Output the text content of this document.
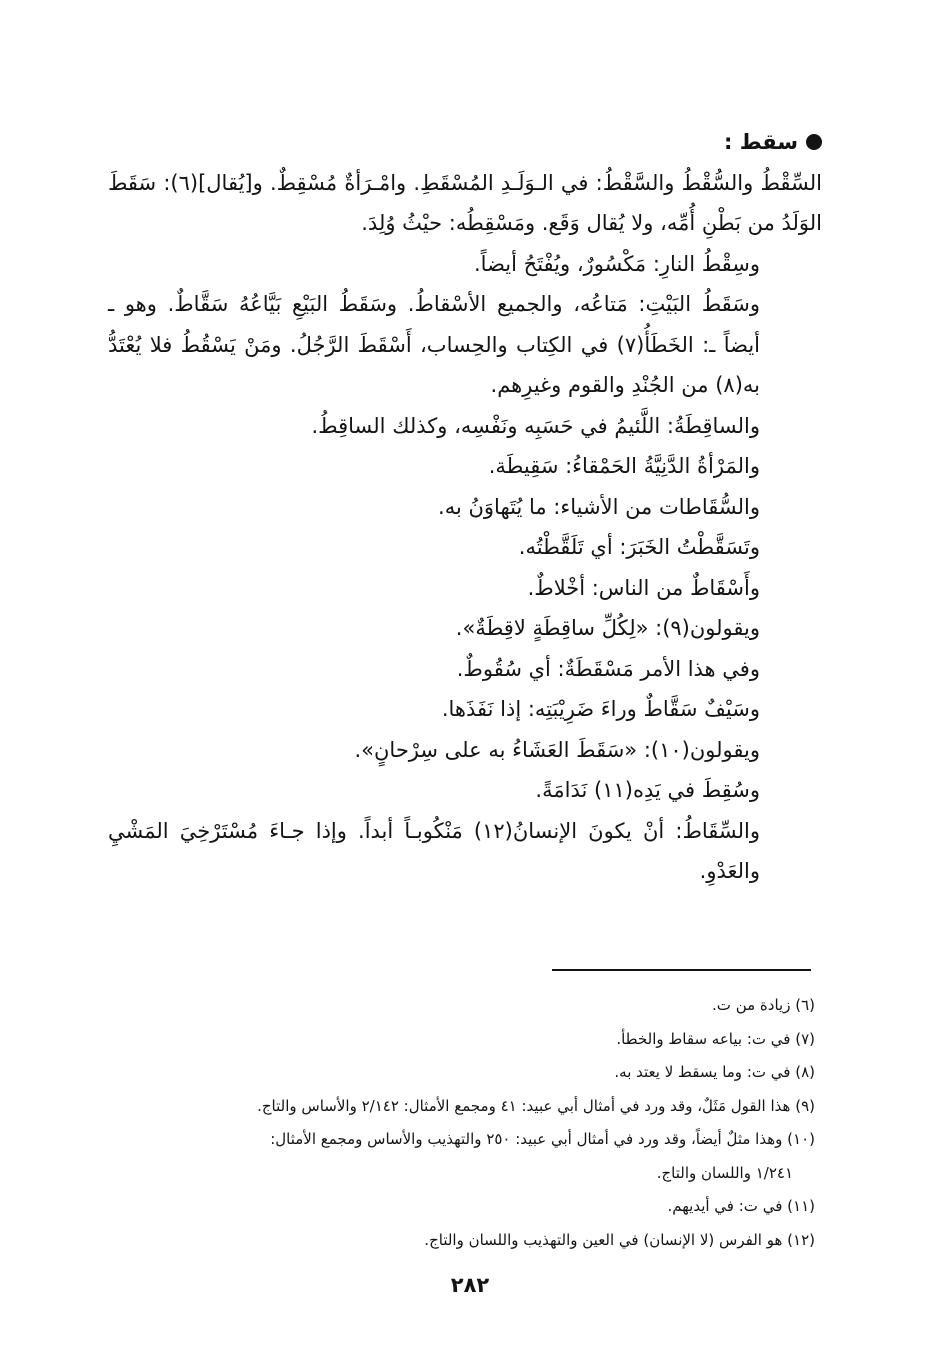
سقط :

السِّقْطُ والسُّقْطُ والسَّقْطُ: في الـوَلَـدِ المُسْقَطِ. وامْـرَأةٌ مُسْقِطٌ. و[يُقال](٦): سَقَطَ الوَلَدُ من بَطْنِ أُمِّه، ولا يُقال وَقَع. ومَسْقِطُه: حيْثُ وُلِدَ.

وسِقْطُ النارِ: مَكْسُورٌ، ويُفْتَحُ أيضاً.

وسَقَطُ البَيْتِ: مَتاعُه، والجميع الأسْقاطُ. وسَقَطُ البَيْعِ بَيَّاعُهُ سَقَّاطٌ. وهو ـ أيضاً ـ: الخَطَأُ(٧) في الكِتاب والحِساب، أَسْقَطَ الرَّجُلُ. ومَنْ يَسْقُطُ فلا يُعْتَدُّ به(٨) من الجُنْدِ والقوم وغيرِهم.

والساقِطَةُ: اللَّئيمُ في حَسَبِه ونَفْسِه، وكذلك الساقِطُ.

والمَرْأةُ الدَّنِيَّةُ الحَمْقاءُ: سَقِيطَة.

والسُّقَاطات من الأشياء: ما يُتَهاوَنُ به.

وتَسَقَّطْتُ الخَبَرَ: أي تَلَقَّطْتُه.

وأَسْقَاطٌ من الناس: أخْلاطٌ.

ويقولون(٩): «لِكُلِّ ساقِطَةٍ لاقِطَةٌ».

وفي هذا الأمر مَسْقَطَةٌ: أي سُقُوطٌ.

وسَيْفٌ سَقَّاطٌ وراءَ ضَرِيْبَتِه: إذا نَفَذَها.

ويقولون(١٠): «سَقَطَ العَشَاءُ به على سِرْحانٍ».

وسُقِطَ في يَدِه(١١) نَدَامَةً.

والسِّقَاطُ: أنْ يكونَ الإنسانُ(١٢) مَنْكُوبـاً أبداً. وإذا جـاءَ مُسْتَرْخِيَ المَشْيِ والعَدْوِ.

(٦) زيادة من ت.

(٧) في ت: بياعه سقاط والخطأ.

(٨) في ت: وما يسقط لا يعتد به.

(٩) هذا القول مَثَلٌ، وقد ورد في أمثال أبي عبيد: ٤١ ومجمع الأمثال: ٢/١٤٢ والأساس والتاج.

(١٠) وهذا مثلٌ أيضاً، وقد ورد في أمثال أبي عبيد: ٢٥٠ والتهذيب والأساس ومجمع الأمثال:
١/٢٤١ واللسان والتاج.

(١١) في ت: في أيديهم.

(١٢) هو الفرس (لا الإنسان) في العين والتهذيب واللسان والتاج.

٢٨٢
